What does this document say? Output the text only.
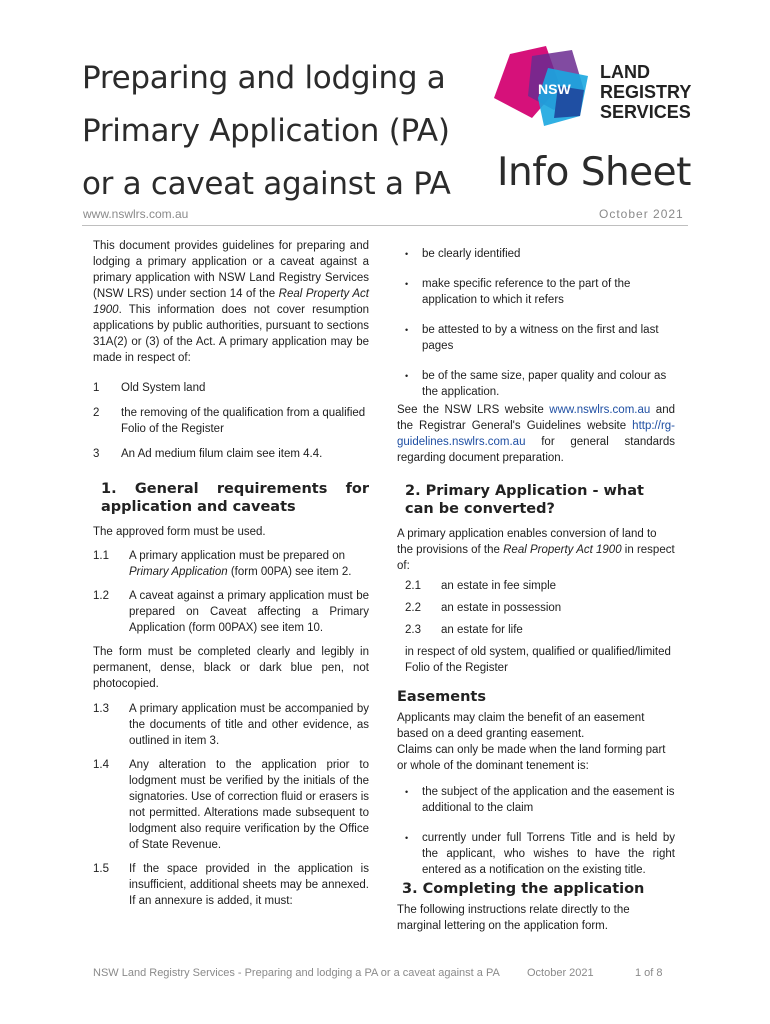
Preparing and lodging a
Primary Application (PA)
or a caveat against a PA
NSW
LAND
REGISTRY
SERVICES
Info Sheet
www.nswlrs.com.au	October 2021

This document provides guidelines for preparing and lodging a primary application or a caveat against a primary application with NSW Land Registry Services (NSW LRS) under section 14 of the Real Property Act 1900. This information does not cover resumption applications by public authorities, pursuant to sections 31A(2) or (3) of the Act. A primary application may be made in respect of:

1	Old System land
2	the removing of the qualification from a qualified Folio of the Register
3	An Ad medium filum claim see item 4.4.
1. General requirements for
application and caveats

The approved form must be used.

1.1	A primary application must be prepared on Primary Application (form 00PA) see item 2.
1.2	A caveat against a primary application must be prepared on Caveat affecting a Primary Application (form 00PAX) see item 10.

The form must be completed clearly and legibly in permanent, dense, black or dark blue pen, not photocopied.

1.3	A primary application must be accompanied by the documents of title and other evidence, as outlined in item 3.
1.4	Any alteration to the application prior to lodgment must be verified by the initials of the signatories. Use of correction fluid or erasers is not permitted. Alterations made subsequent to lodgment also require verification by the Office of State Revenue.
1.5	If the space provided in the application is insufficient, additional sheets may be annexed. If an annexure is added, it must:
•	be clearly identified
•	make specific reference to the part of the application to which it refers
•	be attested to by a witness on the first and last pages
•	be of the same size, paper quality and colour as the application.

See the NSW LRS website www.nswlrs.com.au and the Registrar General's Guidelines website http://rg-guidelines.nswlrs.com.au for general standards regarding document preparation.

2. Primary Application - what can be converted?

A primary application enables conversion of land to the provisions of the Real Property Act 1900 in respect of:

2.1	an estate in fee simple
2.2	an estate in possession
2.3	an estate for life

in respect of old system, qualified or qualified/limited Folio of the Register

Easements

Applicants may claim the benefit of an easement based on a deed granting easement.

Claims can only be made when the land forming part or whole of the dominant tenement is:

•	the subject of the application and the easement is additional to the claim
•	currently under full Torrens Title and is held by the applicant, who wishes to have the right entered as a notification on the existing title.
3. Completing the application

The following instructions relate directly to the marginal lettering on the application form.

NSW Land Registry Services - Preparing and lodging a PA or a caveat against a PA October 2021	1 of 8
